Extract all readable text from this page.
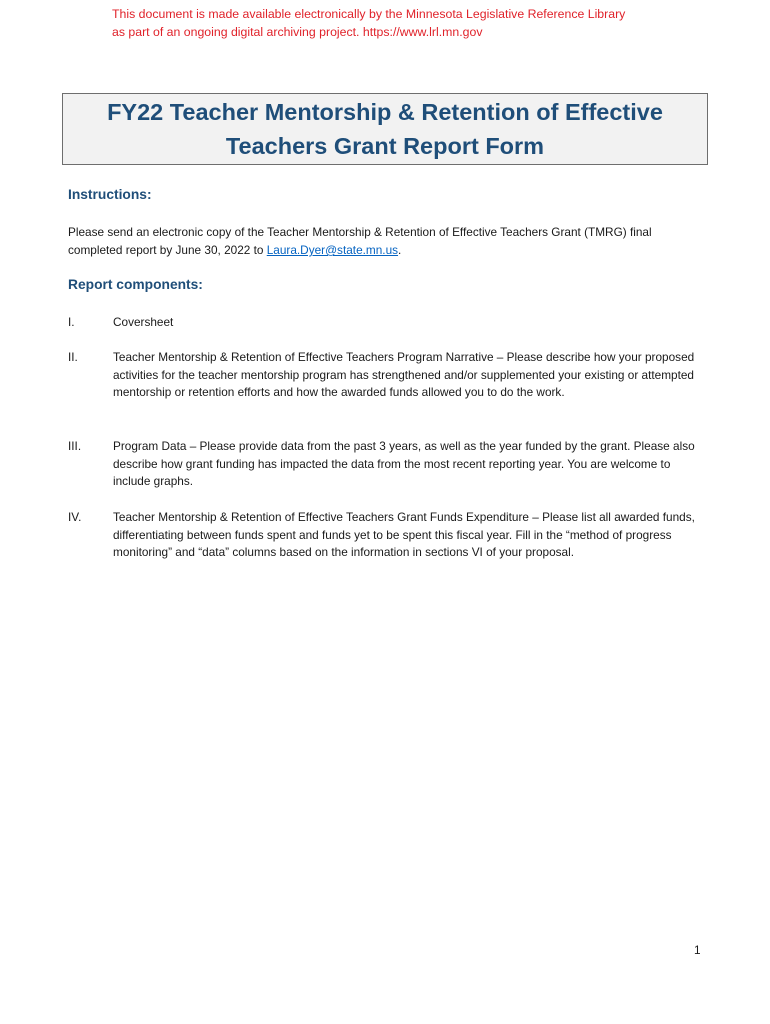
This document is made available electronically by the Minnesota Legislative Reference Library
as part of an ongoing digital archiving project. https://www.lrl.mn.gov
FY22 Teacher Mentorship & Retention of Effective
Teachers Grant Report Form
Instructions:
Please send an electronic copy of the Teacher Mentorship & Retention of Effective Teachers Grant (TMRG) final completed report by June 30, 2022 to Laura.Dyer@state.mn.us.
Report components:
I.	Coversheet
II.	Teacher Mentorship & Retention of Effective Teachers Program Narrative – Please describe how your proposed activities for the teacher mentorship program has strengthened and/or supplemented your existing or attempted mentorship or retention efforts and how the awarded funds allowed you to do the work.
III.	Program Data – Please provide data from the past 3 years, as well as the year funded by the grant. Please also describe how grant funding has impacted the data from the most recent reporting year. You are welcome to include graphs.
IV.	Teacher Mentorship & Retention of Effective Teachers Grant Funds Expenditure – Please list all awarded funds, differentiating between funds spent and funds yet to be spent this fiscal year. Fill in the “method of progress monitoring” and “data” columns based on the information in sections VI of your proposal.
1
